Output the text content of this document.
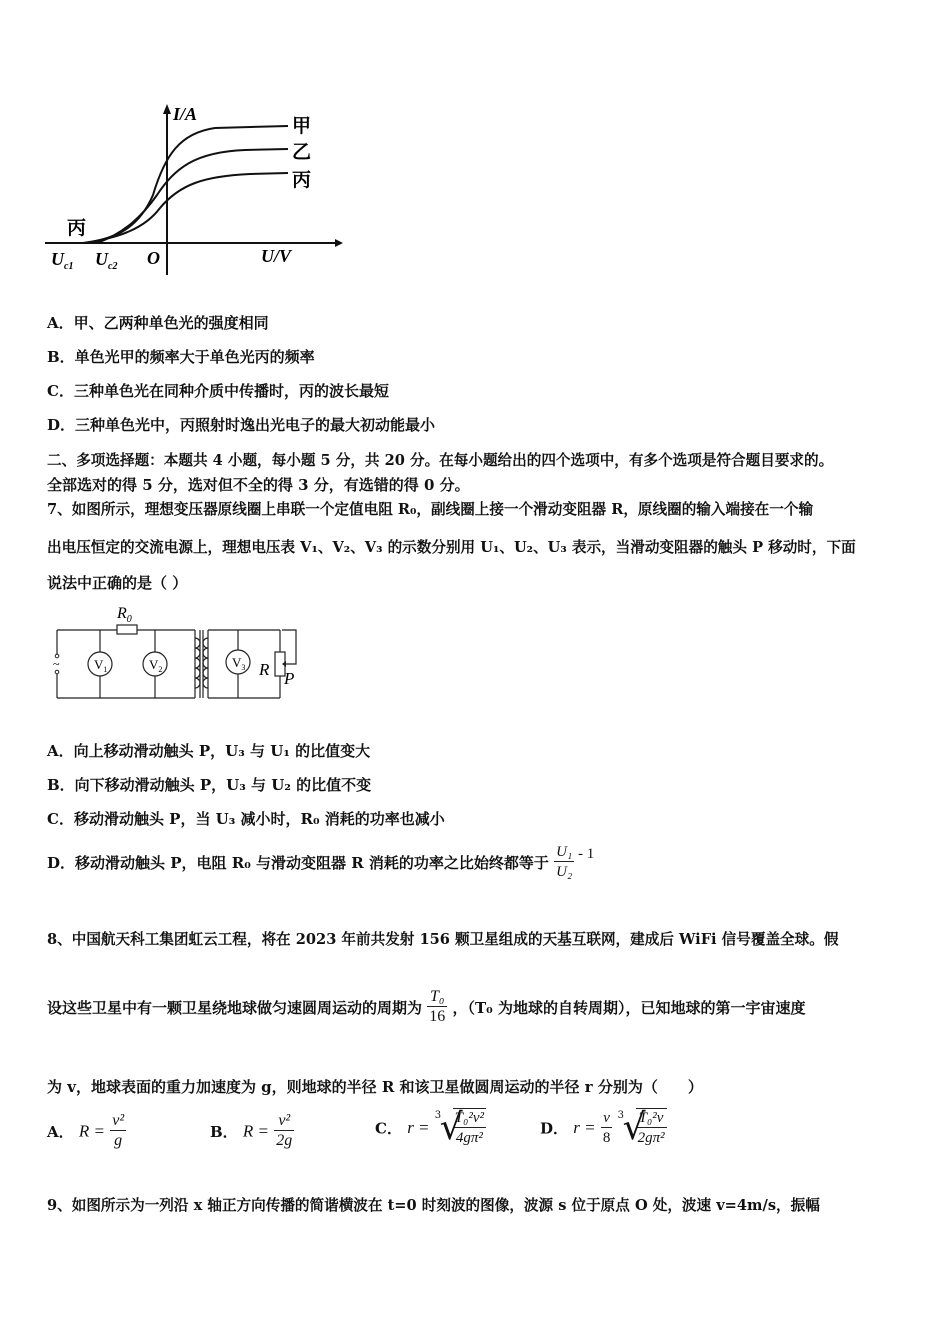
I/A
U/V
O
甲
乙
丙
丙
$U_{c1}$ $U_{c2}$
A．甲、乙两种单色光的强度相同
B．单色光甲的频率大于单色光丙的频率
C．三种单色光在同种介质中传播时，丙的波长最短
D．三种单色光中，丙照射时逸出光电子的最大初动能最小
二、多项选择题：本题共 4 小题，每小题 5 分，共 20 分。在每小题给出的四个选项中，有多个选项是符合题目要求的。
全部选对的得 5 分，选对但不全的得 3 分，有选错的得 0 分。
7、如图所示，理想变压器原线圈上串联一个定值电阻 R₀，副线圈上接一个滑动变阻器 R，原线圈的输入端接在一个输
出电压恒定的交流电源上，理想电压表 V₁、V₂、V₃ 的示数分别用 U₁、U₂、U₃ 表示，当滑动变阻器的触头 P 移动时，下面
说法中正确的是（ ）
~
$R_0$
$V_1$	$V_2$	$V_3$ R P
A．向上移动滑动触头 P，U₃ 与 U₁ 的比值变大
B．向下移动滑动触头 P，U₃ 与 U₂ 的比值不变
C．移动滑动触头 P，当 U₃ 减小时，R₀ 消耗的功率也减小
D．移动滑动触头 P，电阻 R₀ 与滑动变阻器 R 消耗的功率之比始终都等于 $\frac{\text{U₁}}{\text{U₂}} - 1$
8、中国航天科工集团虹云工程，将在 2023 年前共发射 156 颗卫星组成的天基互联网，建成后 WiFi 信号覆盖全球。假
设这些卫星中有一颗卫星绕地球做匀速圆周运动的周期为 $\frac{\text{T₀}}{16}$ ，（T₀ 为地球的自转周期），已知地球的第一宇宙速度
为 v，地球表面的重力加速度为 g，则地球的半径 R 和该卫星做圆周运动的半径 r 分别为（　　）
A． $R = \frac{\text{v²}}{g}$	B． $R = \frac{\text{v²}}{2g}$	C． r =
3
√
$\frac{\text{T₀²v²}}{\text{4gπ²}}$	D． $r = \frac{v}{8}$
3
√
$\frac{\text{T₀²v}}{\text{2gπ²}}$
9、如图所示为一列沿 x 轴正方向传播的简谐横波在 t=0 时刻波的图像，波源 s 位于原点 O 处，波速 v=4m/s，振幅
